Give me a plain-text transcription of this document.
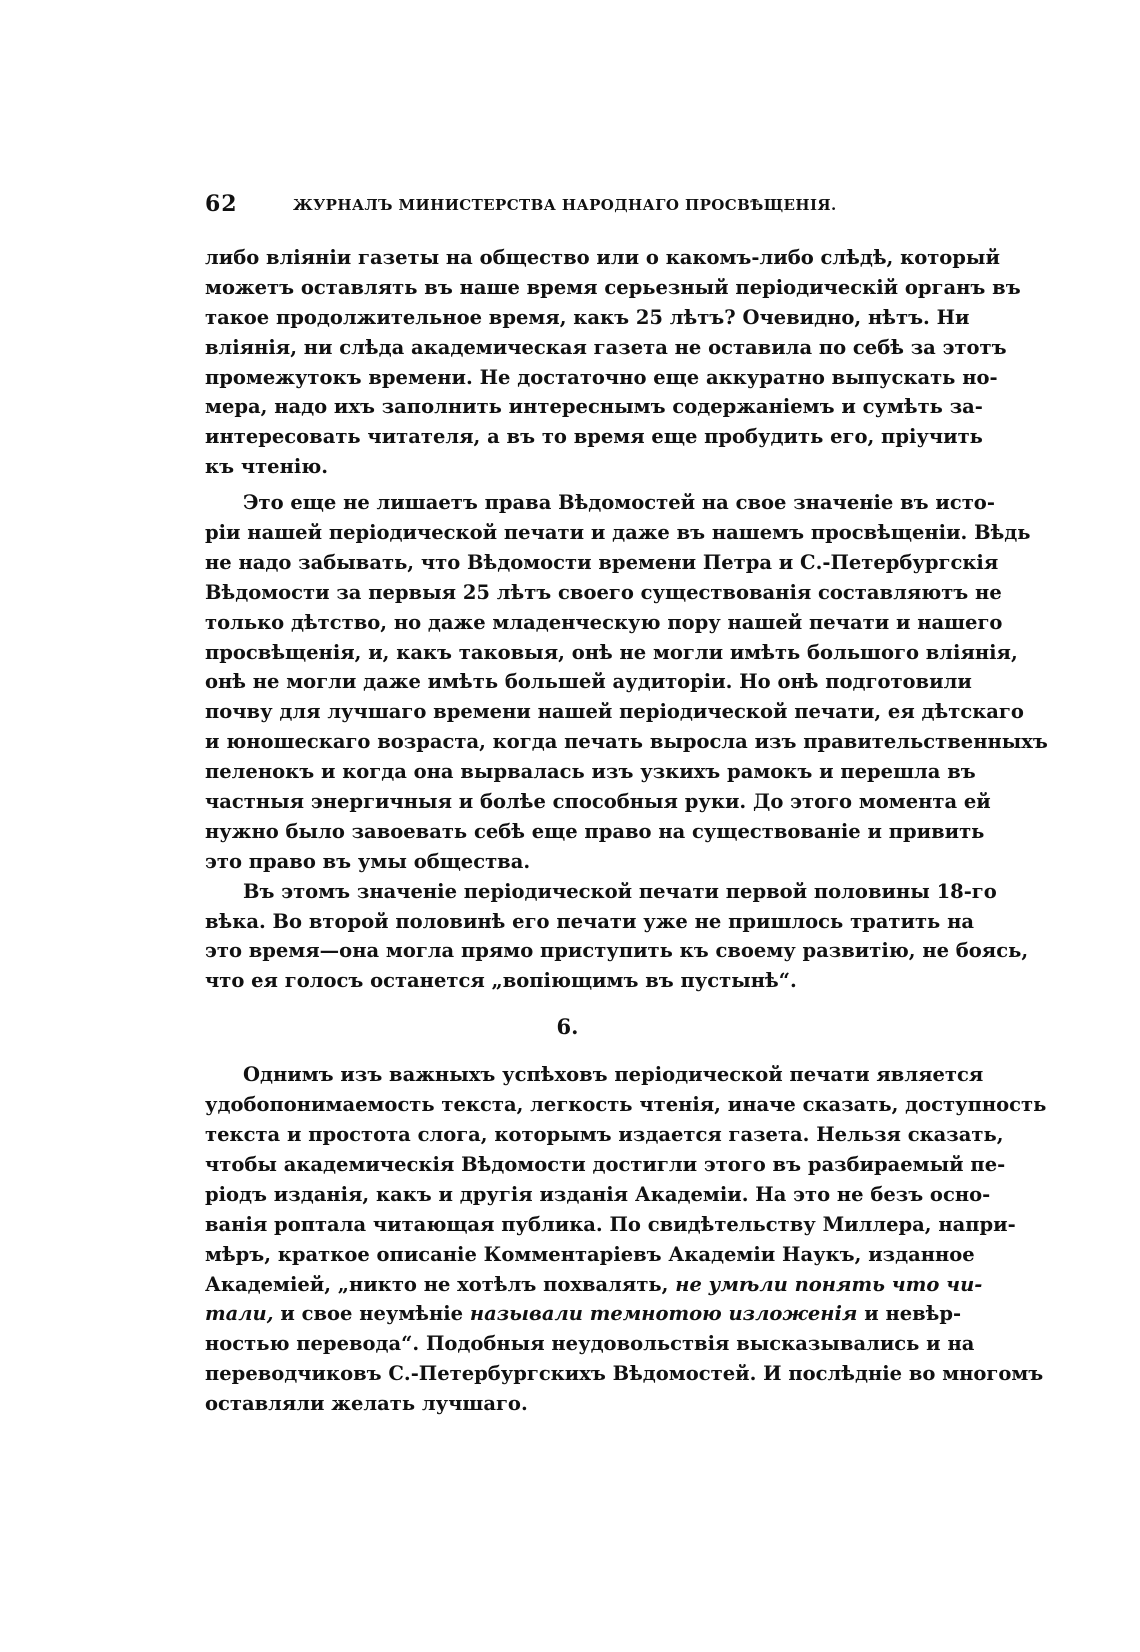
62	ЖУРНАЛЪ МИНИСТЕРСТВА НАРОДНАГО ПРОСВѢЩЕНІЯ.
либо вліяніи газеты на общество или о какомъ-либо слѣдѣ, который
можетъ оставлять въ наше время серьезный періодическій органъ въ
такое продолжительное время, какъ 25 лѣтъ? Очевидно, нѣтъ. Ни
вліянія, ни слѣда академическая газета не оставила по себѣ за этотъ
промежутокъ времени. Не достаточно еще аккуратно выпускать но-
мера, надо ихъ заполнить интереснымъ содержаніемъ и сумѣть за-
интересовать читателя, а въ то время еще пробудить его, пріучить
къ чтенію.
Это еще не лишаетъ права Вѣдомостей на свое значеніе въ исто-
ріи нашей періодической печати и даже въ нашемъ просвѣщеніи. Вѣдь
не надо забывать, что Вѣдомости времени Петра и С.-Петербургскія
Вѣдомости за первыя 25 лѣтъ своего существованія составляютъ не
только дѣтство, но даже младенческую пору нашей печати и нашего
просвѣщенія, и, какъ таковыя, онѣ не могли имѣть большого вліянія,
онѣ не могли даже имѣть большей аудиторіи. Но онѣ подготовили
почву для лучшаго времени нашей періодической печати, ея дѣтскаго
и юношескаго возраста, когда печать выросла изъ правительственныхъ
пеленокъ и когда она вырвалась изъ узкихъ рамокъ и перешла въ
частныя энергичныя и болѣе способныя руки. До этого момента ей
нужно было завоевать себѣ еще право на существованіе и привить
это право въ умы общества.
Въ этомъ значеніе періодической печати первой половины 18-го
вѣка. Во второй половинѣ его печати уже не пришлось тратить на
это время—она могла прямо приступить къ своему развитію, не боясь,
что ея голосъ останется „вопіющимъ въ пустынѣ“.
6.
Однимъ изъ важныхъ успѣховъ періодической печати является
удобопонимаемость текста, легкость чтенія, иначе сказать, доступность
текста и простота слога, которымъ издается газета. Нельзя сказать,
чтобы академическія Вѣдомости достигли этого въ разбираемый пе-
ріодъ изданія, какъ и другія изданія Академіи. На это не безъ осно-
ванія роптала читающая публика. По свидѣтельству Миллера, напри-
мѣръ, краткое описаніе Комментаріевъ Академіи Наукъ, изданное
Академіей, „никто не хотѣлъ похвалять, не умѣли понять что чи-
тали, и свое неумѣніе называли темнотою изложенія и невѣр-
ностью перевода“. Подобныя неудовольствія высказывались и на
переводчиковъ С.-Петербургскихъ Вѣдомостей. И послѣдніе во многомъ
оставляли желать лучшаго.
